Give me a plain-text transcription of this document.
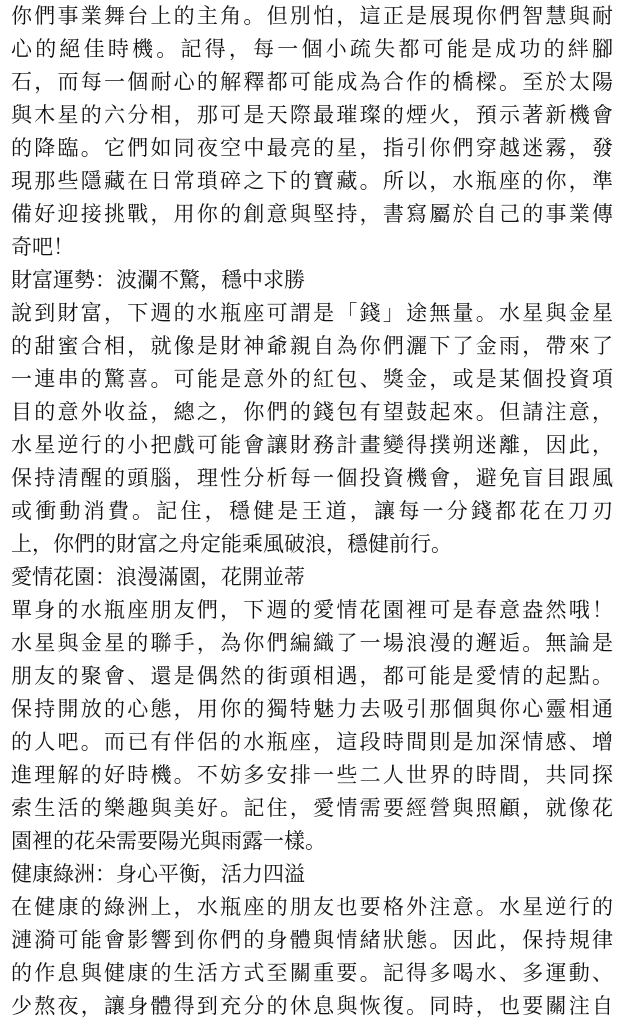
你們事業舞台上的主角。但別怕，這正是展現你們智慧與耐
心的絕佳時機。記得，每一個小疏失都可能是成功的絆腳
石，而每一個耐心的解釋都可能成為合作的橋樑。至於太陽
與木星的六分相，那可是天際最璀璨的煙火，預示著新機會
的降臨。它們如同夜空中最亮的星，指引你們穿越迷霧，發
現那些隱藏在日常瑣碎之下的寶藏。所以，水瓶座的你，準
備好迎接挑戰，用你的創意與堅持，書寫屬於自己的事業傳
奇吧！
財富運勢：波瀾不驚，穩中求勝
說到財富，下週的水瓶座可謂是「錢」途無量。水星與金星
的甜蜜合相，就像是財神爺親自為你們灑下了金雨，帶來了
一連串的驚喜。可能是意外的紅包、獎金，或是某個投資項
目的意外收益，總之，你們的錢包有望鼓起來。但請注意，
水星逆行的小把戲可能會讓財務計畫變得撲朔迷離，因此，
保持清醒的頭腦，理性分析每一個投資機會，避免盲目跟風
或衝動消費。記住，穩健是王道，讓每一分錢都花在刀刃
上，你們的財富之舟定能乘風破浪，穩健前行。
愛情花園：浪漫滿園，花開並蒂
單身的水瓶座朋友們，下週的愛情花園裡可是春意盎然哦！
水星與金星的聯手，為你們編織了一場浪漫的邂逅。無論是
朋友的聚會、還是偶然的街頭相遇，都可能是愛情的起點。
保持開放的心態，用你的獨特魅力去吸引那個與你心靈相通
的人吧。而已有伴侶的水瓶座，這段時間則是加深情感、增
進理解的好時機。不妨多安排一些二人世界的時間，共同探
索生活的樂趣與美好。記住，愛情需要經營與照顧，就像花
園裡的花朵需要陽光與雨露一樣。
健康綠洲：身心平衡，活力四溢
在健康的綠洲上，水瓶座的朋友也要格外注意。水星逆行的
漣漪可能會影響到你們的身體與情緒狀態。因此，保持規律
的作息與健康的生活方式至關重要。記得多喝水、多運動、
少熬夜，讓身體得到充分的休息與恢復。同時，也要關注自
